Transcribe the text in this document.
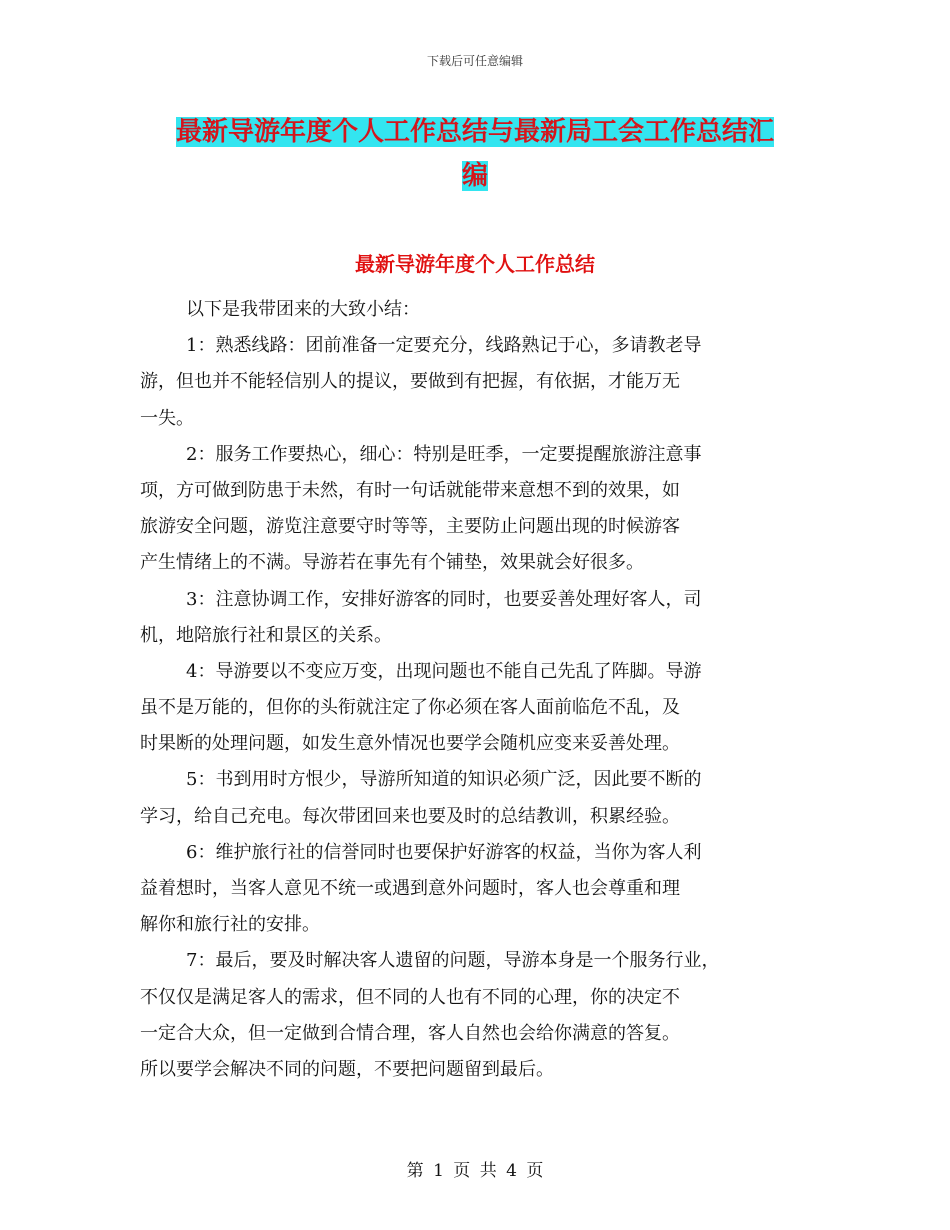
下载后可任意编辑
最新导游年度个人工作总结与最新局工会工作总结汇
编
最新导游年度个人工作总结
以下是我带团来的大致小结：
1：熟悉线路：团前准备一定要充分，线路熟记于心，多请教老导
游，但也并不能轻信别人的提议，要做到有把握，有依据，才能万无
一失。
2：服务工作要热心，细心：特别是旺季，一定要提醒旅游注意事
项，方可做到防患于未然，有时一句话就能带来意想不到的效果，如
旅游安全问题，游览注意要守时等等，主要防止问题出现的时候游客
产生情绪上的不满。导游若在事先有个铺垫，效果就会好很多。
3：注意协调工作，安排好游客的同时，也要妥善处理好客人，司
机，地陪旅行社和景区的关系。
4：导游要以不变应万变，出现问题也不能自己先乱了阵脚。导游
虽不是万能的，但你的头衔就注定了你必须在客人面前临危不乱，及
时果断的处理问题，如发生意外情况也要学会随机应变来妥善处理。
5：书到用时方恨少，导游所知道的知识必须广泛，因此要不断的
学习，给自己充电。每次带团回来也要及时的总结教训，积累经验。
6：维护旅行社的信誉同时也要保护好游客的权益，当你为客人利
益着想时，当客人意见不统一或遇到意外问题时，客人也会尊重和理
解你和旅行社的安排。
7：最后，要及时解决客人遗留的问题，导游本身是一个服务行业，
不仅仅是满足客人的需求，但不同的人也有不同的心理，你的决定不
一定合大众，但一定做到合情合理，客人自然也会给你满意的答复。
所以要学会解决不同的问题，不要把问题留到最后。
第 1 页 共 4 页
